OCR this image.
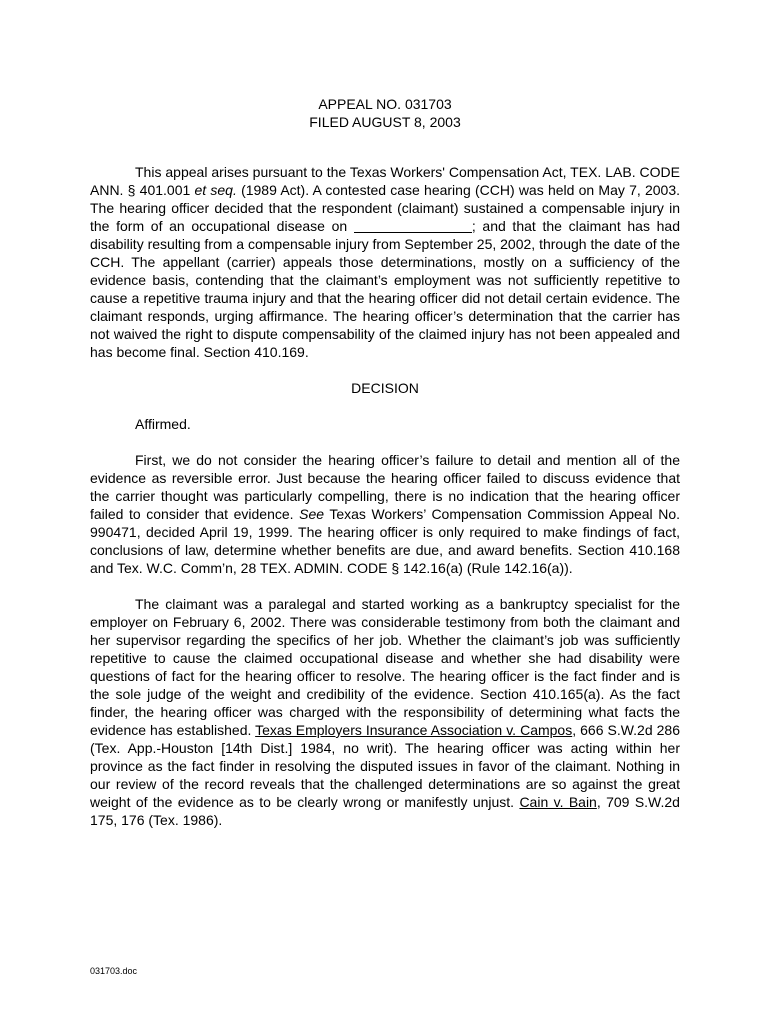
APPEAL NO. 031703
FILED AUGUST 8, 2003

This appeal arises pursuant to the Texas Workers' Compensation Act, TEX. LAB. CODE ANN. § 401.001 et seq. (1989 Act). A contested case hearing (CCH) was held on May 7, 2003. The hearing officer decided that the respondent (claimant) sustained a compensable injury in the form of an occupational disease on	; and that the claimant has had disability resulting from a compensable injury from September 25, 2002, through the date of the CCH. The appellant (carrier) appeals those determinations, mostly on a sufficiency of the evidence basis, contending that the claimant’s employment was not sufficiently repetitive to cause a repetitive trauma injury and that the hearing officer did not detail certain evidence. The claimant responds, urging affirmance. The hearing officer’s determination that the carrier has not waived the right to dispute compensability of the claimed injury has not been appealed and has become final. Section 410.169.

DECISION
Affirmed.

First, we do not consider the hearing officer’s failure to detail and mention all of the evidence as reversible error. Just because the hearing officer failed to discuss evidence that the carrier thought was particularly compelling, there is no indication that the hearing officer failed to consider that evidence. See Texas Workers’ Compensation Commission Appeal No. 990471, decided April 19, 1999. The hearing officer is only required to make findings of fact, conclusions of law, determine whether benefits are due, and award benefits. Section 410.168 and Tex. W.C. Comm’n, 28 TEX. ADMIN. CODE § 142.16(a) (Rule 142.16(a)).

The claimant was a paralegal and started working as a bankruptcy specialist for the employer on February 6, 2002. There was considerable testimony from both the claimant and her supervisor regarding the specifics of her job. Whether the claimant’s job was sufficiently repetitive to cause the claimed occupational disease and whether she had disability were questions of fact for the hearing officer to resolve. The hearing officer is the fact finder and is the sole judge of the weight and credibility of the evidence. Section 410.165(a). As the fact finder, the hearing officer was charged with the responsibility of determining what facts the evidence has established. Texas Employers Insurance Association v. Campos, 666 S.W.2d 286 (Tex. App.-Houston [14th Dist.] 1984, no writ). The hearing officer was acting within her province as the fact finder in resolving the disputed issues in favor of the claimant. Nothing in our review of the record reveals that the challenged determinations are so against the great weight of the evidence as to be clearly wrong or manifestly unjust. Cain v. Bain, 709 S.W.2d 175, 176 (Tex. 1986).

031703.doc
